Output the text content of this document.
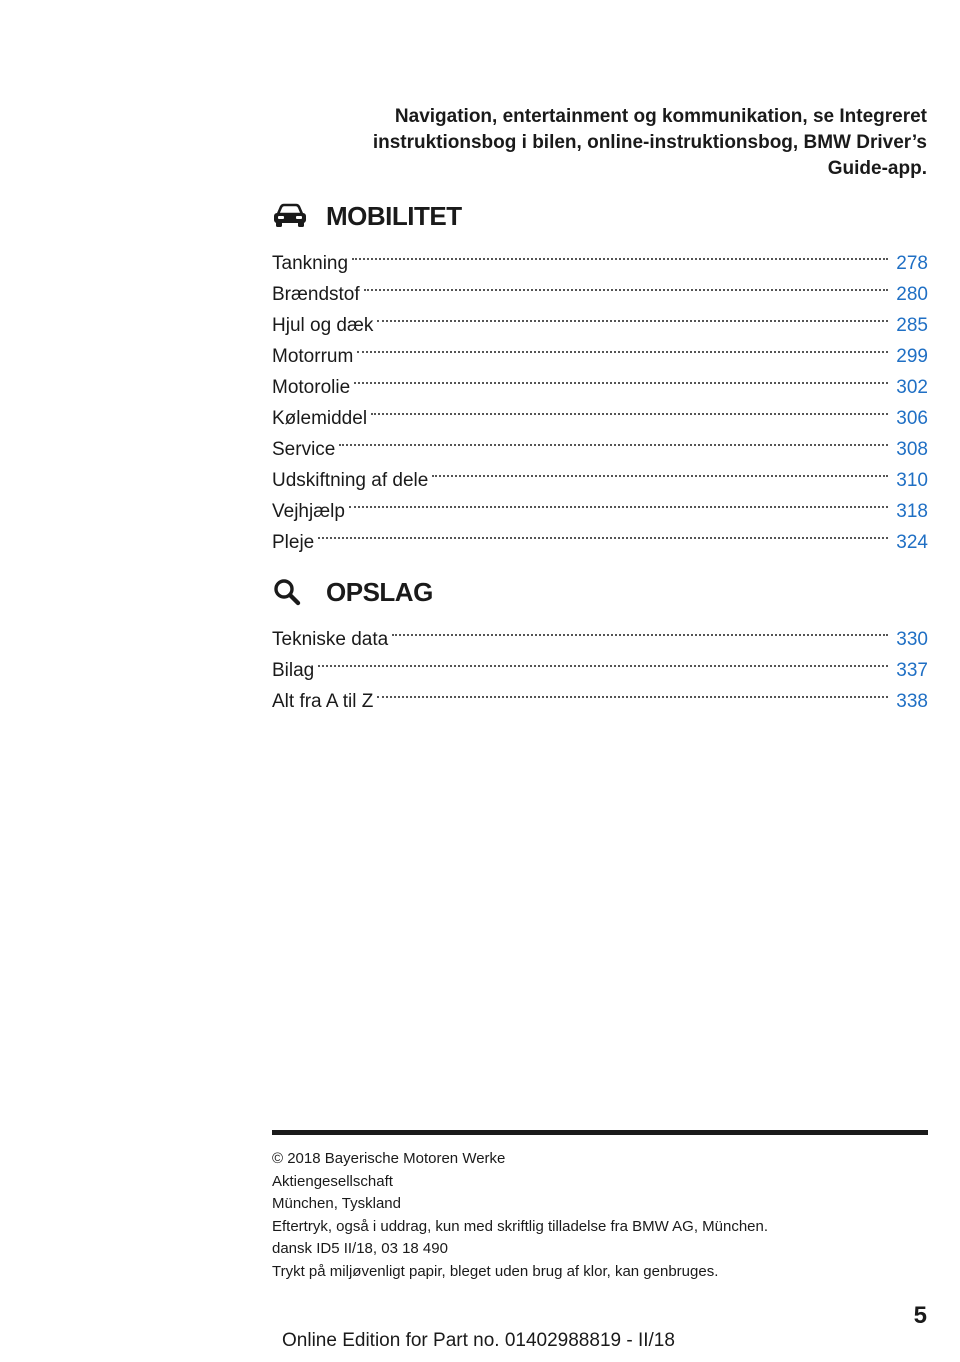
Navigation, entertainment og kommunikation, se Integreret
instruktionsbog i bilen, online-instruktionsbog, BMW Driver’s
Guide-app.
MOBILITET
Tankning	278
Brændstof	280
Hjul og dæk	285
Motorrum	299
Motorolie	302
Kølemiddel	306
Service	308
Udskiftning af dele	310
Vejhjælp	318
Pleje	324
OPSLAG
Tekniske data	330
Bilag	337
Alt fra A til Z	338
© 2018 Bayerische Motoren Werke
Aktiengesellschaft
München, Tyskland
Eftertryk, også i uddrag, kun med skriftlig tilladelse fra BMW AG, München.
dansk ID5 II/18, 03 18 490
Trykt på miljøvenligt papir, bleget uden brug af klor, kan genbruges.
5
Online Edition for Part no. 01402988819 - II/18
